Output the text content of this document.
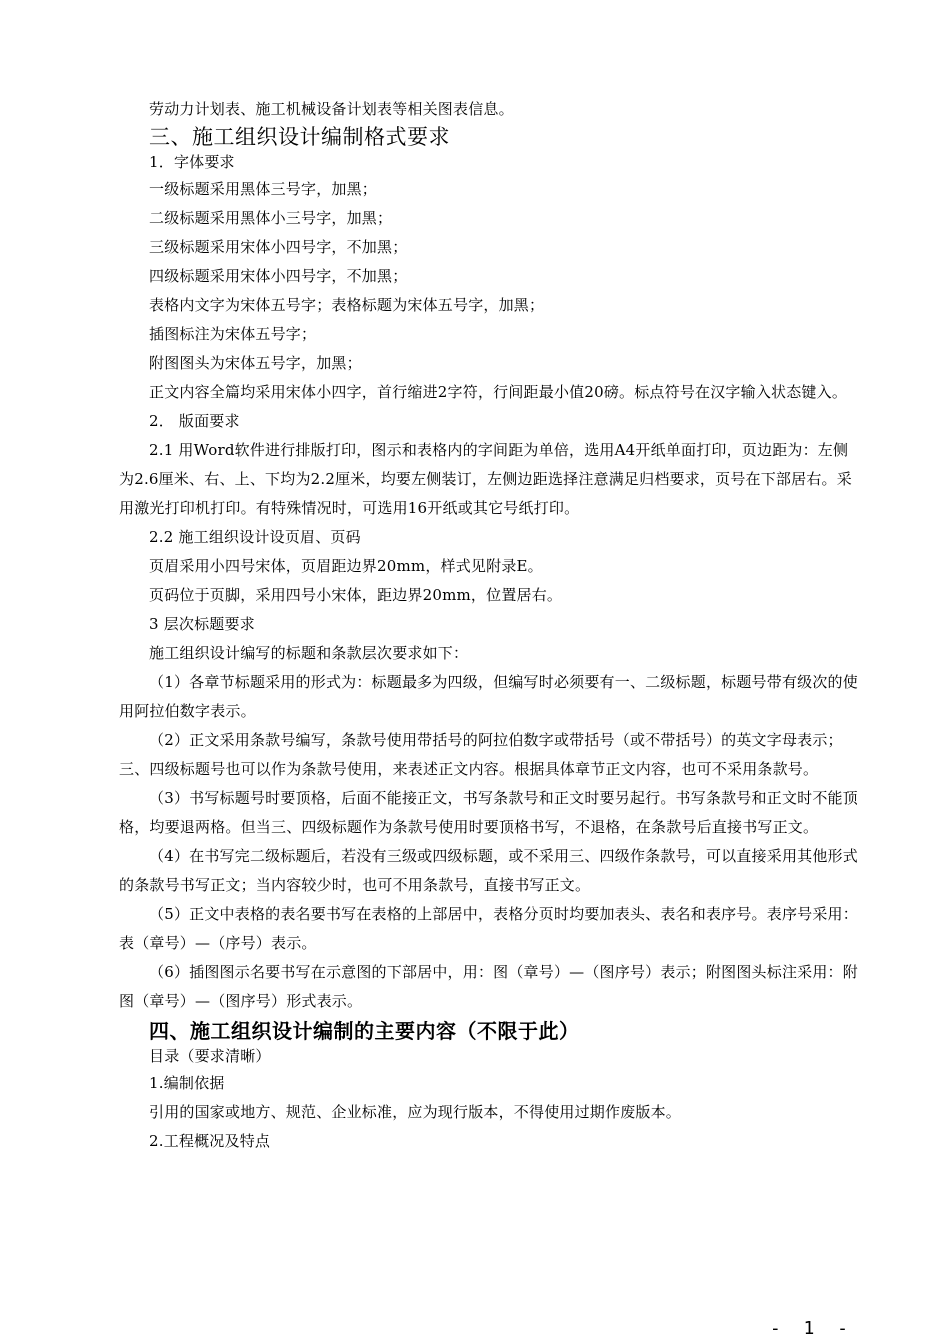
劳动力计划表、施工机械设备计划表等相关图表信息。

三、施工组织设计编制格式要求

1．字体要求

一级标题采用黑体三号字，加黑；

二级标题采用黑体小三号字，加黑；

三级标题采用宋体小四号字，不加黑；

四级标题采用宋体小四号字，不加黑；

表格内文字为宋体五号字；表格标题为宋体五号字，加黑；

插图标注为宋体五号字；

附图图头为宋体五号字，加黑；

正文内容全篇均采用宋体小四字，首行缩进2字符，行间距最小值20磅。标点符号在汉字输入状态键入。

2． 版面要求

2.1 用Word软件进行排版打印，图示和表格内的字间距为单倍，选用A4开纸单面打印，页边距为：左侧为2.6厘米、右、上、下均为2.2厘米，均要左侧装订，左侧边距选择注意满足归档要求，页号在下部居右。采用激光打印机打印。有特殊情况时，可选用16开纸或其它号纸打印。

2.2 施工组织设计设页眉、页码

页眉采用小四号宋体，页眉距边界20mm，样式见附录E。

页码位于页脚，采用四号小宋体，距边界20mm，位置居右。

3 层次标题要求

施工组织设计编写的标题和条款层次要求如下：

（1）各章节标题采用的形式为：标题最多为四级，但编写时必须要有一、二级标题，标题号带有级次的使用阿拉伯数字表示。

（2）正文采用条款号编写，条款号使用带括号的阿拉伯数字或带括号（或不带括号）的英文字母表示；三、四级标题号也可以作为条款号使用，来表述正文内容。根据具体章节正文内容，也可不采用条款号。

（3）书写标题号时要顶格，后面不能接正文，书写条款号和正文时要另起行。书写条款号和正文时不能顶格，均要退两格。但当三、四级标题作为条款号使用时要顶格书写，不退格，在条款号后直接书写正文。

（4）在书写完二级标题后，若没有三级或四级标题，或不采用三、四级作条款号，可以直接采用其他形式的条款号书写正文；当内容较少时，也可不用条款号，直接书写正文。

（5）正文中表格的表名要书写在表格的上部居中，表格分页时均要加表头、表名和表序号。表序号采用：表（章号）—（序号）表示。

（6）插图图示名要书写在示意图的下部居中，用：图（章号）—（图序号）表示；附图图头标注采用：附图（章号）—（图序号）形式表示。

四、施工组织设计编制的主要内容（不限于此）

目录（要求清晰）

1.编制依据

引用的国家或地方、规范、企业标准，应为现行版本，不得使用过期作废版本。

2.工程概况及特点

- 1 -
